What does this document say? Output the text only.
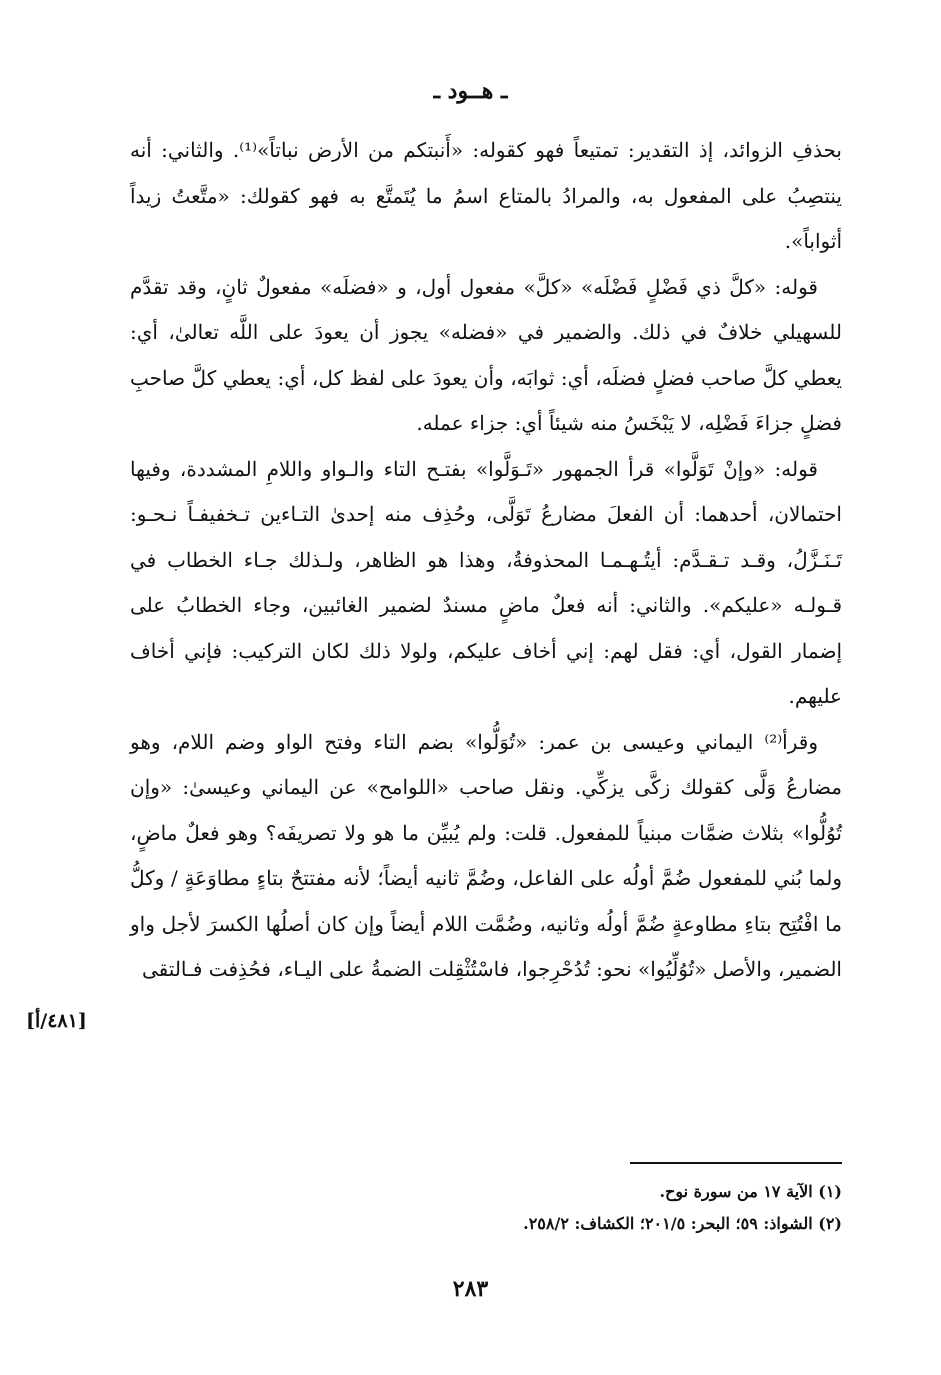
ـ هــود ـ

بحذفِ الزوائد، إذ التقدير: تمتيعاً فهو كقوله: «أَنبتكم من الأرض نباتاً»⁽¹⁾. والثاني: أنه ينتصِبُ على المفعول به، والمرادُ بالمتاع اسمُ ما يُتَمتَّع به فهو كقولك: «متَّعتُ زيداً أثواباً».

قوله: «كلَّ ذي فَضْلٍ فَضْلَه» «كلَّ» مفعول أول، و «فضلَه» مفعولٌ ثانٍ، وقد تقدَّم للسهيلي خلافٌ في ذلك. والضمير في «فضله» يجوز أن يعودَ على اللَّه تعالىٰ، أي: يعطي كلَّ صاحب فضلٍ فضلَه، أي: ثوابَه، وأن يعودَ على لفظ كل، أي: يعطي كلَّ صاحبِ فضلٍ جزاءَ فَضْلِه، لا يَبْخَسُ منه شيئاً أي: جزاء عمله.

قوله: «وإنْ تَوَلَّوا» قرأ الجمهور «تَـوَلَّوا» بفتـح التاء والـواو واللامِ المشددة، وفيها احتمالان، أحدهما: أن الفعلَ مضارعُ تَوَلَّى، وحُذِف منه إحدىٰ التـاءين تـخفيفـاً نـحـو: تَـنَـزَّلُ، وقـد تـقـدَّم: أيتُـهـمـا المحذوفةُ، وهذا هو الظاهر، ولـذلك جـاء الخطاب في قـولـه «عليكم». والثاني: أنه فعلٌ ماضٍ مسندٌ لضمير الغائبين، وجاء الخطابُ على إضمار القول، أي: فقل لهم: إني أخاف عليكم، ولولا ذلك لكان التركيب: فإني أخاف عليهم.

وقرأ⁽²⁾ اليماني وعيسى بن عمر: «تُوَلُّوا» بضم التاء وفتح الواو وضم اللام، وهو مضارعُ وَلَّى كقولك زكَّى يزكِّي. ونقل صاحب «اللوامح» عن اليماني وعيسىٰ: «وإن تُوُلُّوا» بثلاث ضمَّات مبنياً للمفعول. قلت: ولم يُبيِّن ما هو ولا تصريفَه؟ وهو فعلٌ ماضٍ، ولما بُني للمفعول ضُمَّ أولُه على الفاعل، وضُمَّ ثانيه أيضاً؛ لأنه مفتتحٌ بتاءٍ مطاوَعَةٍ / وكلُّ ما افْتُتِح بتاءِ مطاوعةٍ ضُمَّ أولُه وثانيه، وضُمَّت اللام أيضاً وإن كان أصلُها الكسرَ لأجل واو الضمير، والأصل «تُوُلِّيُوا» نحو: تُدُحْرِجوا، فاسْتُثْقِلت الضمةُ على اليـاء، فحُذِفت فـالتقى

[٤٨١/أ]

(١) الآية ١٧ من سورة نوح.

(٢) الشواذ: ٥٩؛ البحر: ٢٠١/٥؛ الكشاف: ٢٥٨/٢.

٢٨٣
